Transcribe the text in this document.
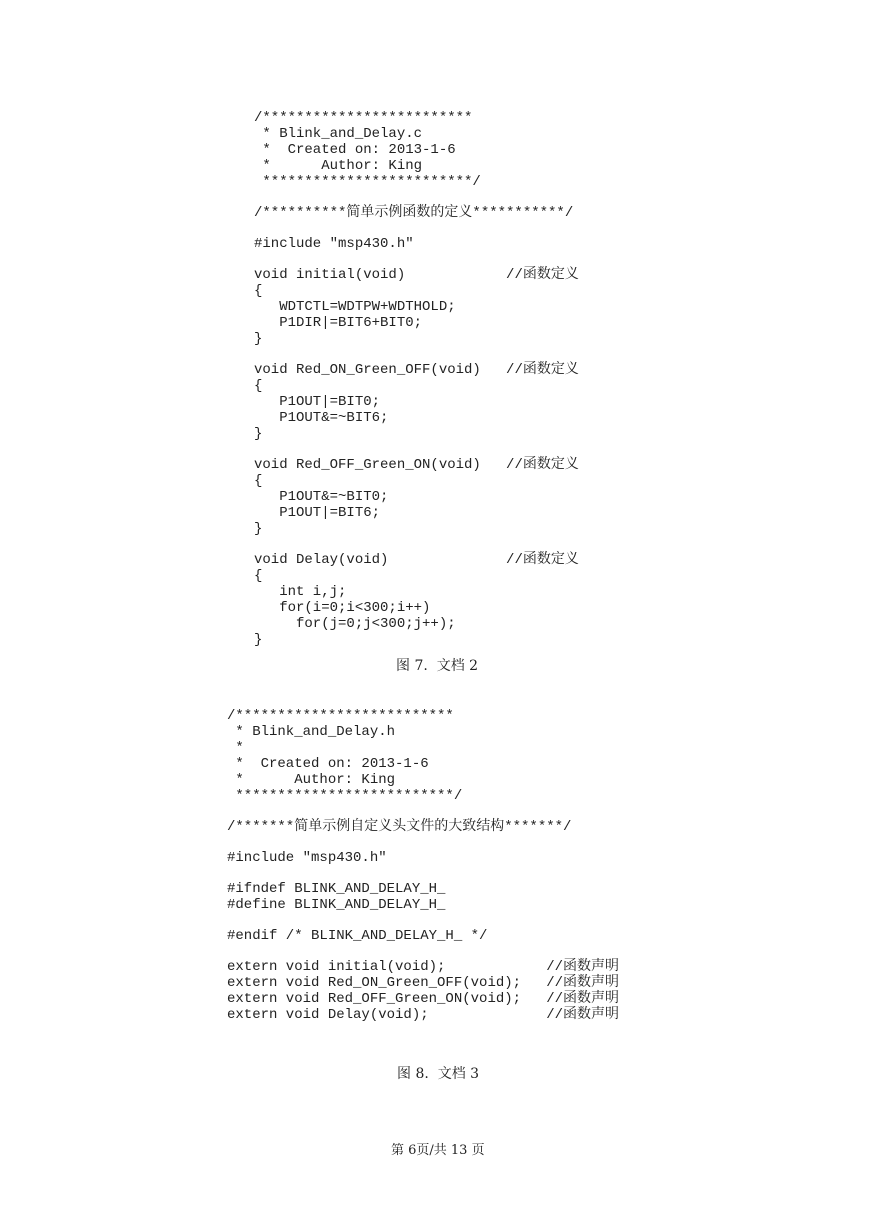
/*************************
* Blink_and_Delay.c
*  Created on: 2013-1-6
*      Author: King
*************************/
/**********简单示例函数的定义***********/
#include "msp430.h"
void initial(void)            //函数定义
{
WDTCTL=WDTPW+WDTHOLD;
P1DIR|=BIT6+BIT0;
}
void Red_ON_Green_OFF(void)   //函数定义
{
P1OUT|=BIT0;
P1OUT&=~BIT6;
}
void Red_OFF_Green_ON(void)   //函数定义
{
P1OUT&=~BIT0;
P1OUT|=BIT6;
}
void Delay(void)              //函数定义
{
int i,j;
for(i=0;i<300;i++)
for(j=0;j<300;j++);
}
图 7.  文档 2
/**************************
* Blink_and_Delay.h
*
*  Created on: 2013-1-6
*      Author: King
**************************/
/*******简单示例自定义头文件的大致结构*******/
#include "msp430.h"
#ifndef BLINK_AND_DELAY_H_
#define BLINK_AND_DELAY_H_
#endif /* BLINK_AND_DELAY_H_ */
extern void initial(void);            //函数声明
extern void Red_ON_Green_OFF(void);   //函数声明
extern void Red_OFF_Green_ON(void);   //函数声明
extern void Delay(void);              //函数声明
图 8.  文档 3
第 6页/共 13 页
